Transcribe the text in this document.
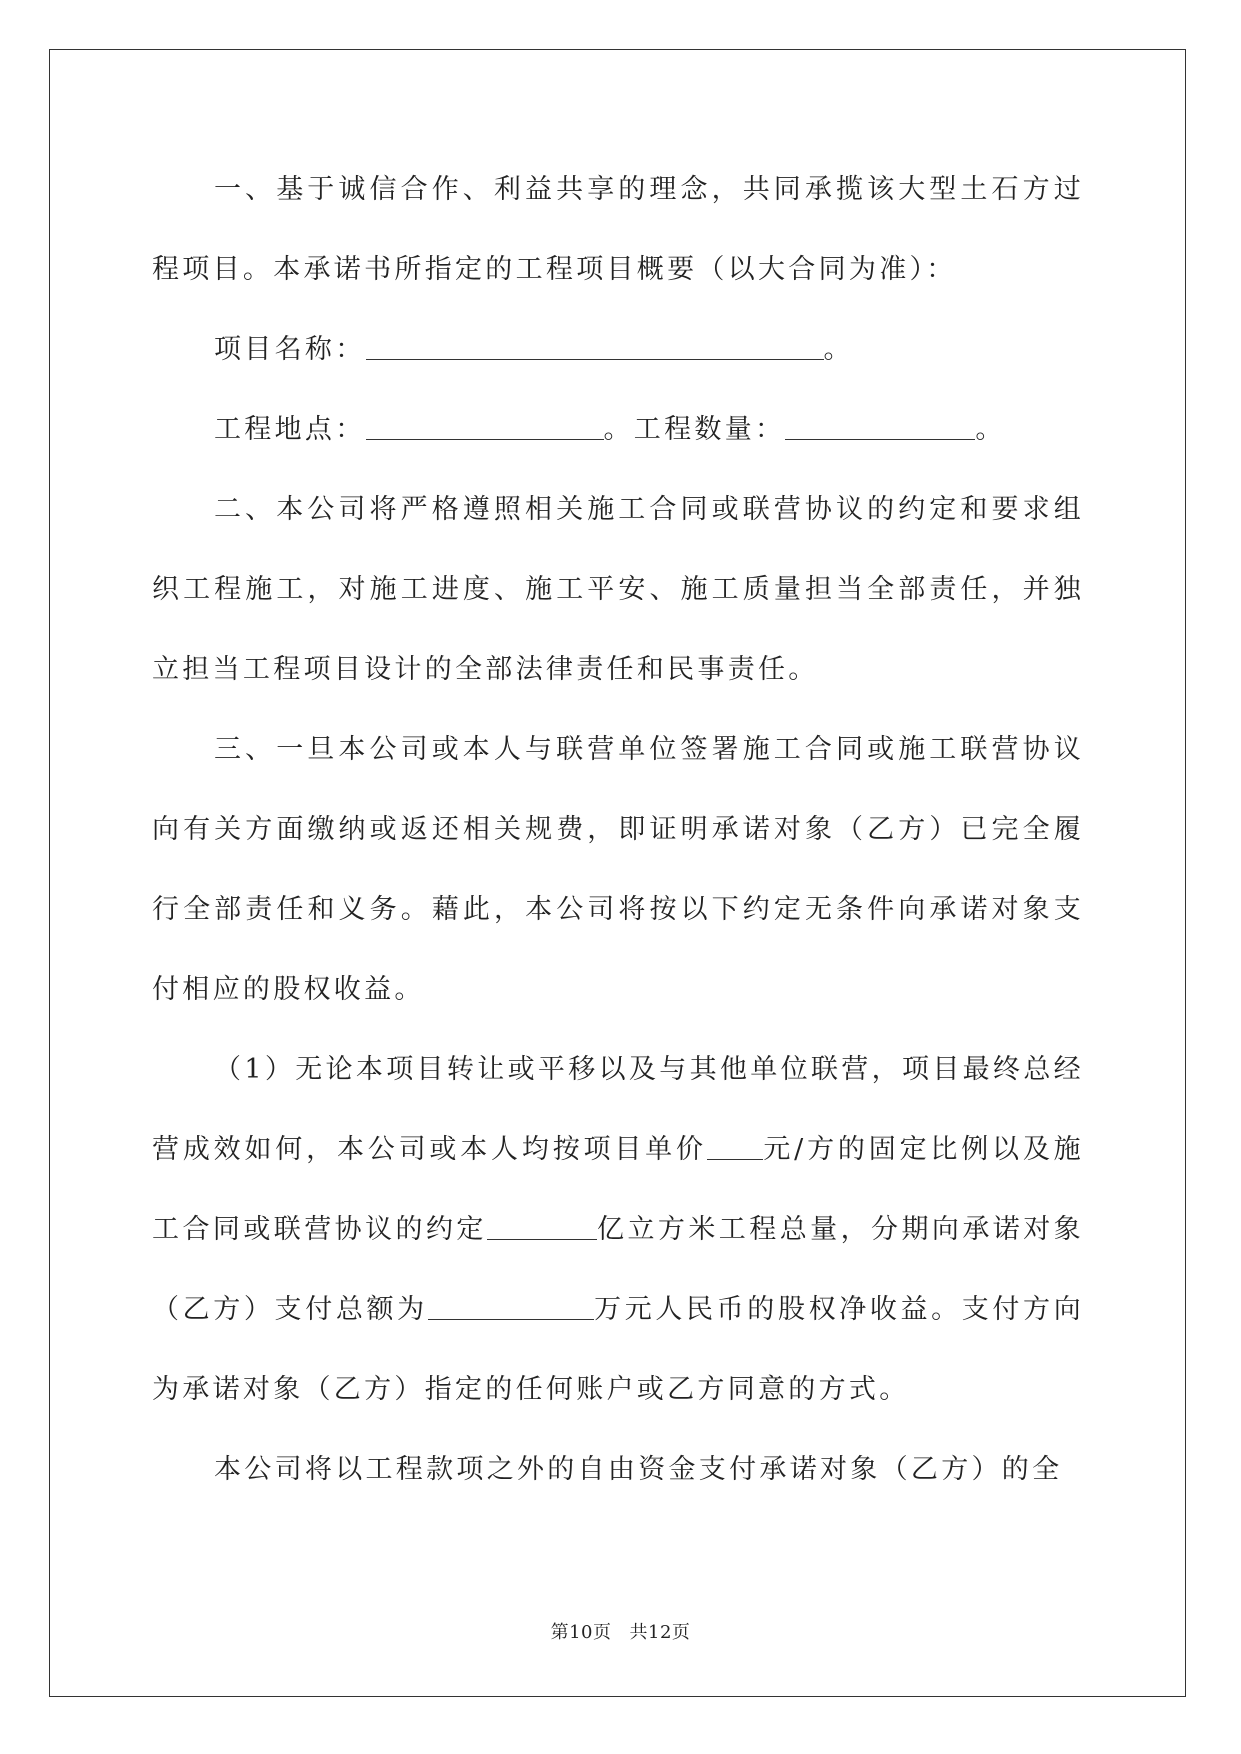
一、基于诚信合作、利益共享的理念，共同承揽该大型土石方过程项目。本承诺书所指定的工程项目概要（以大合同为准）：

项目名称：	。

工程地点：	。工程数量：	。

二、本公司将严格遵照相关施工合同或联营协议的约定和要求组织工程施工，对施工进度、施工平安、施工质量担当全部责任，并独立担当工程项目设计的全部法律责任和民事责任。

三、一旦本公司或本人与联营单位签署施工合同或施工联营协议向有关方面缴纳或返还相关规费，即证明承诺对象（乙方）已完全履行全部责任和义务。藉此，本公司将按以下约定无条件向承诺对象支付相应的股权收益。

（1）无论本项目转让或平移以及与其他单位联营，项目最终总经营成效如何，本公司或本人均按项目单价 元/方的固定比例以及施工合同或联营协议的约定	亿立方米工程总量，分期向承诺对象（乙方）支付总额为	万元人民币的股权净收益。支付方向为承诺对象（乙方）指定的任何账户或乙方同意的方式。

本公司将以工程款项之外的自由资金支付承诺对象（乙方）的全

第10页 共12页
